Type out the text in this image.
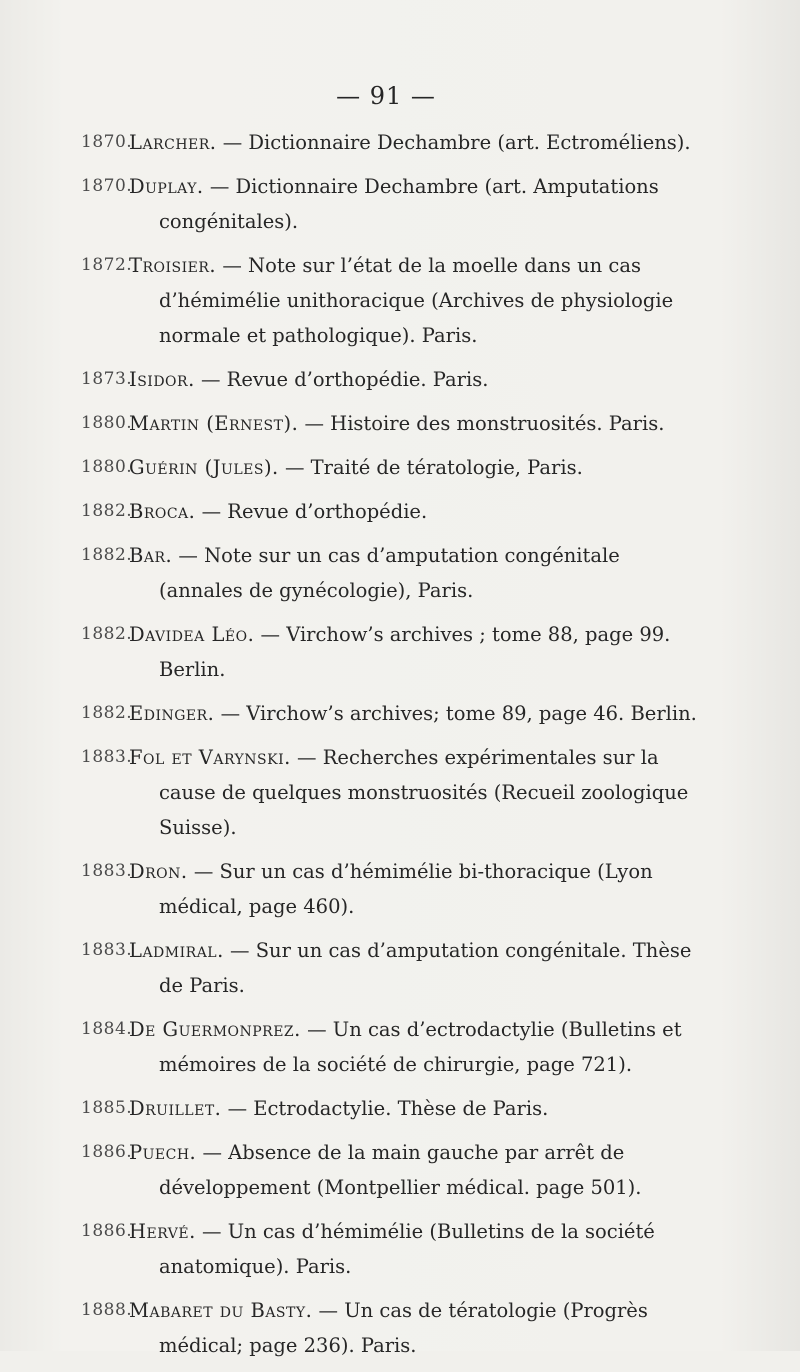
— 91 —
1870.
Larcher. — Dictionnaire Dechambre (art. Ectroméliens).
1870.
Duplay. — Dictionnaire Dechambre (art. Amputations congénitales).
1872.
Troisier. — Note sur l’état de la moelle dans un cas d’hémimélie unithoracique (Archives de physiologie normale et pathologique). Paris.
1873.
Isidor. — Revue d’orthopédie. Paris.
1880.
Martin (Ernest). — Histoire des monstruosités. Paris.
1880.
Guérin (Jules). — Traité de tératologie, Paris.
1882.
Broca. — Revue d’orthopédie.
1882.
Bar. — Note sur un cas d’amputation congénitale (annales de gynécologie), Paris.
1882.
Davidea Léo. — Virchow’s archives ; tome 88, page 99. Berlin.
1882.
Edinger. — Virchow’s archives; tome 89, page 46. Berlin.
1883.
Fol et Varynski. — Recherches expérimentales sur la cause de quelques monstruosités (Recueil zoologique Suisse).
1883.
Dron. — Sur un cas d’hémimélie bi-thoracique (Lyon médical, page 460).
1883.
Ladmiral. — Sur un cas d’amputation congénitale. Thèse de Paris.
1884.
De Guermonprez. — Un cas d’ectrodactylie (Bulletins et mémoires de la société de chirurgie, page 721).
1885.
Druillet. — Ectrodactylie. Thèse de Paris.
1886.
Puech. — Absence de la main gauche par arrêt de développement (Montpellier médical. page 501).
1886.
Hervé. — Un cas d’hémimélie (Bulletins de la société anatomique). Paris.
1888.
Mabaret du Basty. — Un cas de tératologie (Progrès médical; page 236). Paris.
